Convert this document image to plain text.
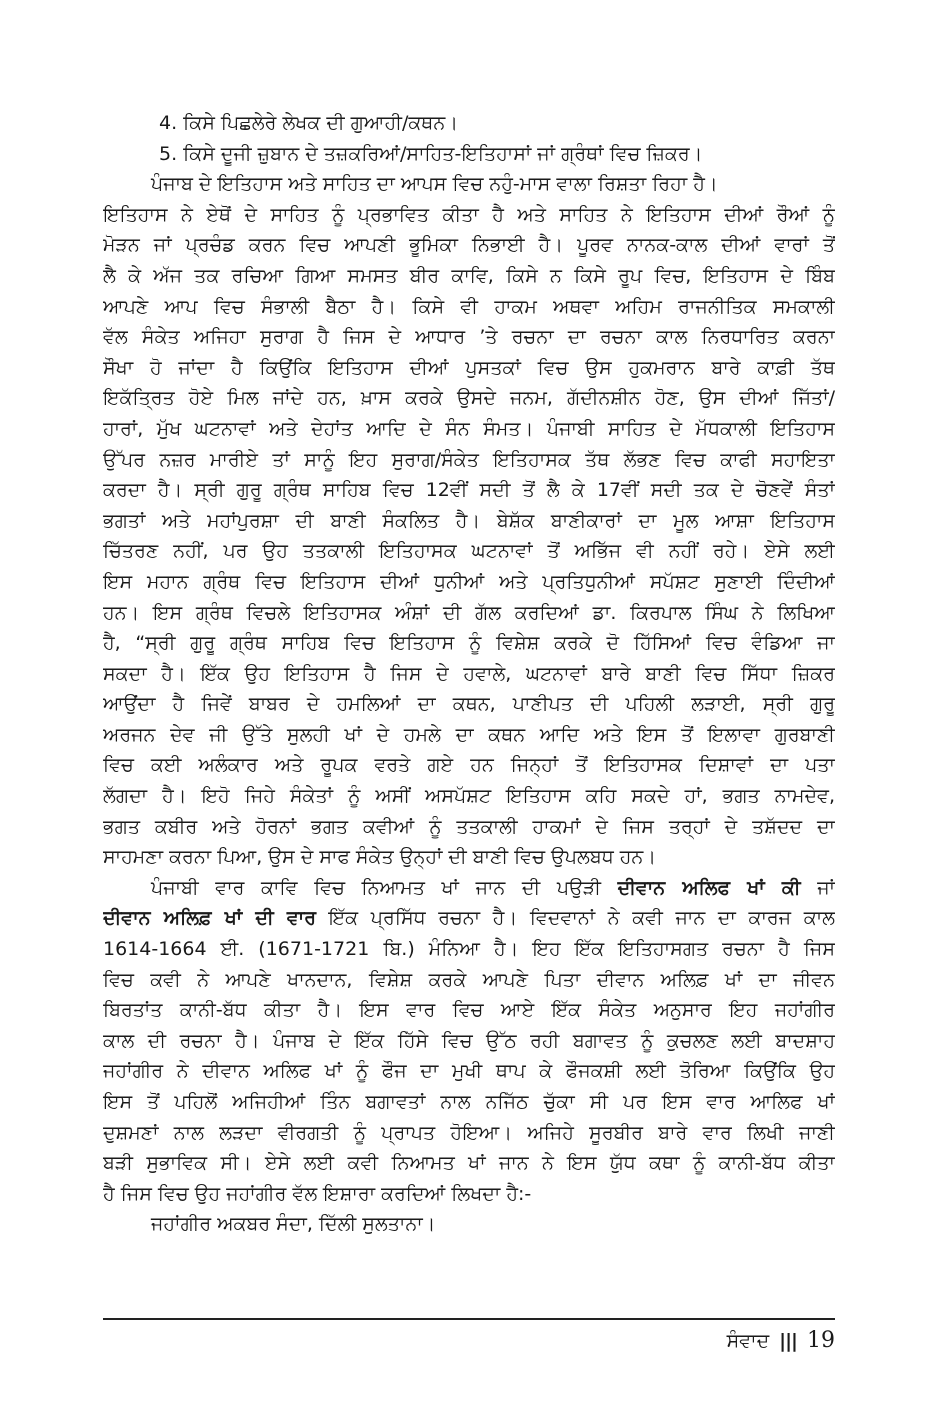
4. ਕਿਸੇ ਪਿਛਲੇਰੇ ਲੇਖਕ ਦੀ ਗੁਆਹੀ/ਕਥਨ।
5. ਕਿਸੇ ਦੂਜੀ ਜ਼ੁਬਾਨ ਦੇ ਤਜ਼ਕਰਿਆਂ/ਸਾਹਿਤ-ਇਤਿਹਾਸਾਂ ਜਾਂ ਗ੍ਰੰਥਾਂ ਵਿਚ ਜ਼ਿਕਰ।
ਪੰਜਾਬ ਦੇ ਇਤਿਹਾਸ ਅਤੇ ਸਾਹਿਤ ਦਾ ਆਪਸ ਵਿਚ ਨਹੁੰ-ਮਾਸ ਵਾਲਾ ਰਿਸ਼ਤਾ ਰਿਹਾ ਹੈ।
ਇਤਿਹਾਸ ਨੇ ਏਥੋਂ ਦੇ ਸਾਹਿਤ ਨੂੰ ਪ੍ਰਭਾਵਿਤ ਕੀਤਾ ਹੈ ਅਤੇ ਸਾਹਿਤ ਨੇ ਇਤਿਹਾਸ ਦੀਆਂ ਰੌਆਂ ਨੂੰ
ਮੋੜਨ ਜਾਂ ਪ੍ਰਚੰਡ ਕਰਨ ਵਿਚ ਆਪਣੀ ਭੂਮਿਕਾ ਨਿਭਾਈ ਹੈ। ਪੂਰਵ ਨਾਨਕ-ਕਾਲ ਦੀਆਂ ਵਾਰਾਂ ਤੋਂ
ਲੈ ਕੇ ਅੱਜ ਤਕ ਰਚਿਆ ਗਿਆ ਸਮਸਤ ਬੀਰ ਕਾਵਿ, ਕਿਸੇ ਨ ਕਿਸੇ ਰੂਪ ਵਿਚ, ਇਤਿਹਾਸ ਦੇ ਬਿੰਬ
ਆਪਣੇ ਆਪ ਵਿਚ ਸੰਭਾਲੀ ਬੈਠਾ ਹੈ। ਕਿਸੇ ਵੀ ਹਾਕਮ ਅਥਵਾ ਅਹਿਮ ਰਾਜਨੀਤਿਕ ਸਮਕਾਲੀ
ਵੱਲ ਸੰਕੇਤ ਅਜਿਹਾ ਸੁਰਾਗ ਹੈ ਜਿਸ ਦੇ ਆਧਾਰ ’ਤੇ ਰਚਨਾ ਦਾ ਰਚਨਾ ਕਾਲ ਨਿਰਧਾਰਿਤ ਕਰਨਾ
ਸੌਖਾ ਹੋ ਜਾਂਦਾ ਹੈ ਕਿਉਂਕਿ ਇਤਿਹਾਸ ਦੀਆਂ ਪੁਸਤਕਾਂ ਵਿਚ ਉਸ ਹੁਕਮਰਾਨ ਬਾਰੇ ਕਾਫ਼ੀ ਤੱਥ
ਇਕੱਤ੍ਰਿਤ ਹੋਏ ਮਿਲ ਜਾਂਦੇ ਹਨ, ਖ਼ਾਸ ਕਰਕੇ ਉਸਦੇ ਜਨਮ, ਗੱਦੀਨਸ਼ੀਨ ਹੋਣ, ਉਸ ਦੀਆਂ ਜਿੱਤਾਂ/
ਹਾਰਾਂ, ਮੁੱਖ ਘਟਨਾਵਾਂ ਅਤੇ ਦੇਹਾਂਤ ਆਦਿ ਦੇ ਸੰਨ ਸੰਮਤ। ਪੰਜਾਬੀ ਸਾਹਿਤ ਦੇ ਮੱਧਕਾਲੀ ਇਤਿਹਾਸ
ਉੱਪਰ ਨਜ਼ਰ ਮਾਰੀਏ ਤਾਂ ਸਾਨੂੰ ਇਹ ਸੁਰਾਗ/ਸੰਕੇਤ ਇਤਿਹਾਸਕ ਤੱਥ ਲੱਭਣ ਵਿਚ ਕਾਫੀ ਸਹਾਇਤਾ
ਕਰਦਾ ਹੈ। ਸ੍ਰੀ ਗੁਰੂ ਗ੍ਰੰਥ ਸਾਹਿਬ ਵਿਚ 12ਵੀਂ ਸਦੀ ਤੋਂ ਲੈ ਕੇ 17ਵੀਂ ਸਦੀ ਤਕ ਦੇ ਚੋਣਵੇਂ ਸੰਤਾਂ
ਭਗਤਾਂ ਅਤੇ ਮਹਾਂਪੁਰਸ਼ਾ ਦੀ ਬਾਣੀ ਸੰਕਲਿਤ ਹੈ। ਬੇਸ਼ੱਕ ਬਾਣੀਕਾਰਾਂ ਦਾ ਮੂਲ ਆਸ਼ਾ ਇਤਿਹਾਸ
ਚਿੱਤਰਣ ਨਹੀਂ, ਪਰ ਉਹ ਤਤਕਾਲੀ ਇਤਿਹਾਸਕ ਘਟਨਾਵਾਂ ਤੋਂ ਅਭਿੱਜ ਵੀ ਨਹੀਂ ਰਹੇ। ਏਸੇ ਲਈ
ਇਸ ਮਹਾਨ ਗ੍ਰੰਥ ਵਿਚ ਇਤਿਹਾਸ ਦੀਆਂ ਧੁਨੀਆਂ ਅਤੇ ਪ੍ਰਤਿਧੁਨੀਆਂ ਸਪੱਸ਼ਟ ਸੁਣਾਈ ਦਿੰਦੀਆਂ
ਹਨ। ਇਸ ਗ੍ਰੰਥ ਵਿਚਲੇ ਇਤਿਹਾਸਕ ਅੰਸ਼ਾਂ ਦੀ ਗੱਲ ਕਰਦਿਆਂ ਡਾ. ਕਿਰਪਾਲ ਸਿੰਘ ਨੇ ਲਿਖਿਆ
ਹੈ, “ਸ੍ਰੀ ਗੁਰੂ ਗ੍ਰੰਥ ਸਾਹਿਬ ਵਿਚ ਇਤਿਹਾਸ ਨੂੰ ਵਿਸ਼ੇਸ਼ ਕਰਕੇ ਦੋ ਹਿੱਸਿਆਂ ਵਿਚ ਵੰਡਿਆ ਜਾ
ਸਕਦਾ ਹੈ। ਇੱਕ ਉਹ ਇਤਿਹਾਸ ਹੈ ਜਿਸ ਦੇ ਹਵਾਲੇ, ਘਟਨਾਵਾਂ ਬਾਰੇ ਬਾਣੀ ਵਿਚ ਸਿੱਧਾ ਜ਼ਿਕਰ
ਆਉਂਦਾ ਹੈ ਜਿਵੇਂ ਬਾਬਰ ਦੇ ਹਮਲਿਆਂ ਦਾ ਕਥਨ, ਪਾਣੀਪਤ ਦੀ ਪਹਿਲੀ ਲੜਾਈ, ਸ੍ਰੀ ਗੁਰੂ
ਅਰਜਨ ਦੇਵ ਜੀ ਉੱਤੇ ਸੁਲਹੀ ਖਾਂ ਦੇ ਹਮਲੇ ਦਾ ਕਥਨ ਆਦਿ ਅਤੇ ਇਸ ਤੋਂ ਇਲਾਵਾ ਗੁਰਬਾਣੀ
ਵਿਚ ਕਈ ਅਲੰਕਾਰ ਅਤੇ ਰੂਪਕ ਵਰਤੇ ਗਏ ਹਨ ਜਿਨ੍ਹਾਂ ਤੋਂ ਇਤਿਹਾਸਕ ਦਿਸ਼ਾਵਾਂ ਦਾ ਪਤਾ
ਲੱਗਦਾ ਹੈ। ਇਹੋ ਜਿਹੇ ਸੰਕੇਤਾਂ ਨੂੰ ਅਸੀਂ ਅਸਪੱਸ਼ਟ ਇਤਿਹਾਸ ਕਹਿ ਸਕਦੇ ਹਾਂ, ਭਗਤ ਨਾਮਦੇਵ,
ਭਗਤ ਕਬੀਰ ਅਤੇ ਹੋਰਨਾਂ ਭਗਤ ਕਵੀਆਂ ਨੂੰ ਤਤਕਾਲੀ ਹਾਕਮਾਂ ਦੇ ਜਿਸ ਤਰ੍ਹਾਂ ਦੇ ਤਸ਼ੱਦਦ ਦਾ
ਸਾਹਮਣਾ ਕਰਨਾ ਪਿਆ, ਉਸ ਦੇ ਸਾਫ ਸੰਕੇਤ ਉਨ੍ਹਾਂ ਦੀ ਬਾਣੀ ਵਿਚ ਉਪਲਬਧ ਹਨ।
ਪੰਜਾਬੀ ਵਾਰ ਕਾਵਿ ਵਿਚ ਨਿਆਮਤ ਖਾਂ ਜਾਨ ਦੀ ਪਉੜੀ ਦੀਵਾਨ ਅਲਿਫ ਖਾਂ ਕੀ ਜਾਂ
ਦੀਵਾਨ ਅਲਿਫ਼ ਖਾਂ ਦੀ ਵਾਰ ਇੱਕ ਪ੍ਰਸਿੱਧ ਰਚਨਾ ਹੈ। ਵਿਦਵਾਨਾਂ ਨੇ ਕਵੀ ਜਾਨ ਦਾ ਕਾਰਜ ਕਾਲ
1614-1664 ਈ. (1671-1721 ਬਿ.) ਮੰਨਿਆ ਹੈ। ਇਹ ਇੱਕ ਇਤਿਹਾਸਗਤ ਰਚਨਾ ਹੈ ਜਿਸ
ਵਿਚ ਕਵੀ ਨੇ ਆਪਣੇ ਖਾਨਦਾਨ, ਵਿਸ਼ੇਸ਼ ਕਰਕੇ ਆਪਣੇ ਪਿਤਾ ਦੀਵਾਨ ਅਲਿਫ਼ ਖਾਂ ਦਾ ਜੀਵਨ
ਬਿਰਤਾਂਤ ਕਾਨੀ-ਬੱਧ ਕੀਤਾ ਹੈ। ਇਸ ਵਾਰ ਵਿਚ ਆਏ ਇੱਕ ਸੰਕੇਤ ਅਨੁਸਾਰ ਇਹ ਜਹਾਂਗੀਰ
ਕਾਲ ਦੀ ਰਚਨਾ ਹੈ। ਪੰਜਾਬ ਦੇ ਇੱਕ ਹਿੱਸੇ ਵਿਚ ਉੱਠ ਰਹੀ ਬਗਾਵਤ ਨੂੰ ਕੁਚਲਣ ਲਈ ਬਾਦਸ਼ਾਹ
ਜਹਾਂਗੀਰ ਨੇ ਦੀਵਾਨ ਅਲਿਫ ਖਾਂ ਨੂੰ ਫੌਜ ਦਾ ਮੁਖੀ ਥਾਪ ਕੇ ਫੌਜਕਸ਼ੀ ਲਈ ਤੋਰਿਆ ਕਿਉਂਕਿ ਉਹ
ਇਸ ਤੋਂ ਪਹਿਲੋਂ ਅਜਿਹੀਆਂ ਤਿੰਨ ਬਗਾਵਤਾਂ ਨਾਲ ਨਜਿੱਠ ਚੁੱਕਾ ਸੀ ਪਰ ਇਸ ਵਾਰ ਆਲਿਫ ਖਾਂ
ਦੁਸ਼ਮਣਾਂ ਨਾਲ ਲੜਦਾ ਵੀਰਗਤੀ ਨੂੰ ਪ੍ਰਾਪਤ ਹੋਇਆ। ਅਜਿਹੇ ਸੂਰਬੀਰ ਬਾਰੇ ਵਾਰ ਲਿਖੀ ਜਾਣੀ
ਬੜੀ ਸੁਭਾਵਿਕ ਸੀ। ਏਸੇ ਲਈ ਕਵੀ ਨਿਆਮਤ ਖਾਂ ਜਾਨ ਨੇ ਇਸ ਯੁੱਧ ਕਥਾ ਨੂੰ ਕਾਨੀ-ਬੱਧ ਕੀਤਾ
ਹੈ ਜਿਸ ਵਿਚ ਉਹ ਜਹਾਂਗੀਰ ਵੱਲ ਇਸ਼ਾਰਾ ਕਰਦਿਆਂ ਲਿਖਦਾ ਹੈ:-
ਜਹਾਂਗੀਰ ਅਕਬਰ ਸੰਦਾ, ਦਿੱਲੀ ਸੁਲਤਾਨਾ।
ਸੰਵਾਦ ||| 19
